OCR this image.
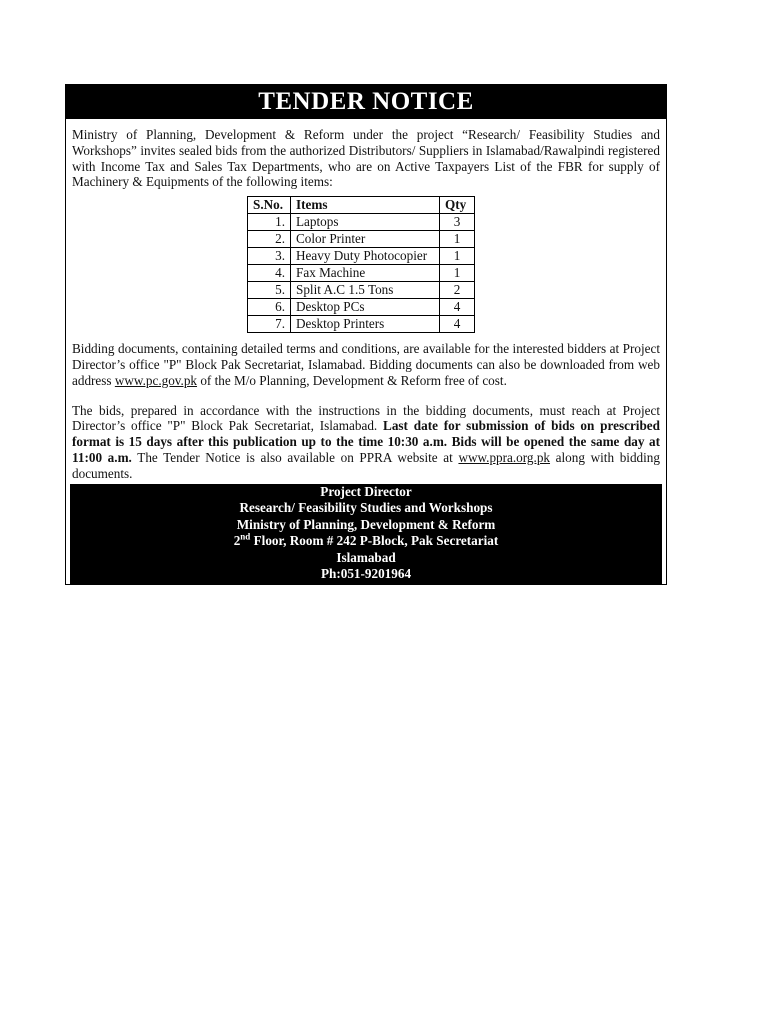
TENDER NOTICE

Ministry of Planning, Development & Reform under the project “Research/ Feasibility Studies and Workshops” invites sealed bids from the authorized Distributors/ Suppliers in Islamabad/Rawalpindi registered with Income Tax and Sales Tax Departments, who are on Active Taxpayers List of the FBR for supply of Machinery & Equipments of the following items:

S.No.	Items	Qty
1.	Laptops	3
2.	Color Printer	1
3.	Heavy Duty Photocopier	1
4.	Fax Machine	1
5.	Split A.C 1.5 Tons	2
6.	Desktop PCs	4
7.	Desktop Printers	4

Bidding documents, containing detailed terms and conditions, are available for the interested bidders at Project Director’s office "P" Block Pak Secretariat, Islamabad. Bidding documents can also be downloaded from web address www.pc.gov.pk of the M/o Planning, Development & Reform free of cost.

The bids, prepared in accordance with the instructions in the bidding documents, must reach at Project Director’s office "P" Block Pak Secretariat, Islamabad. Last date for submission of bids on prescribed format is 15 days after this publication up to the time 10:30 a.m. Bids will be opened the same day at 11:00 a.m. The Tender Notice is also available on PPRA website at www.ppra.org.pk along with bidding documents.

Project Director
Research/ Feasibility Studies and Workshops
Ministry of Planning, Development & Reform
2nd Floor, Room # 242 P-Block, Pak Secretariat
Islamabad
Ph:051-9201964
